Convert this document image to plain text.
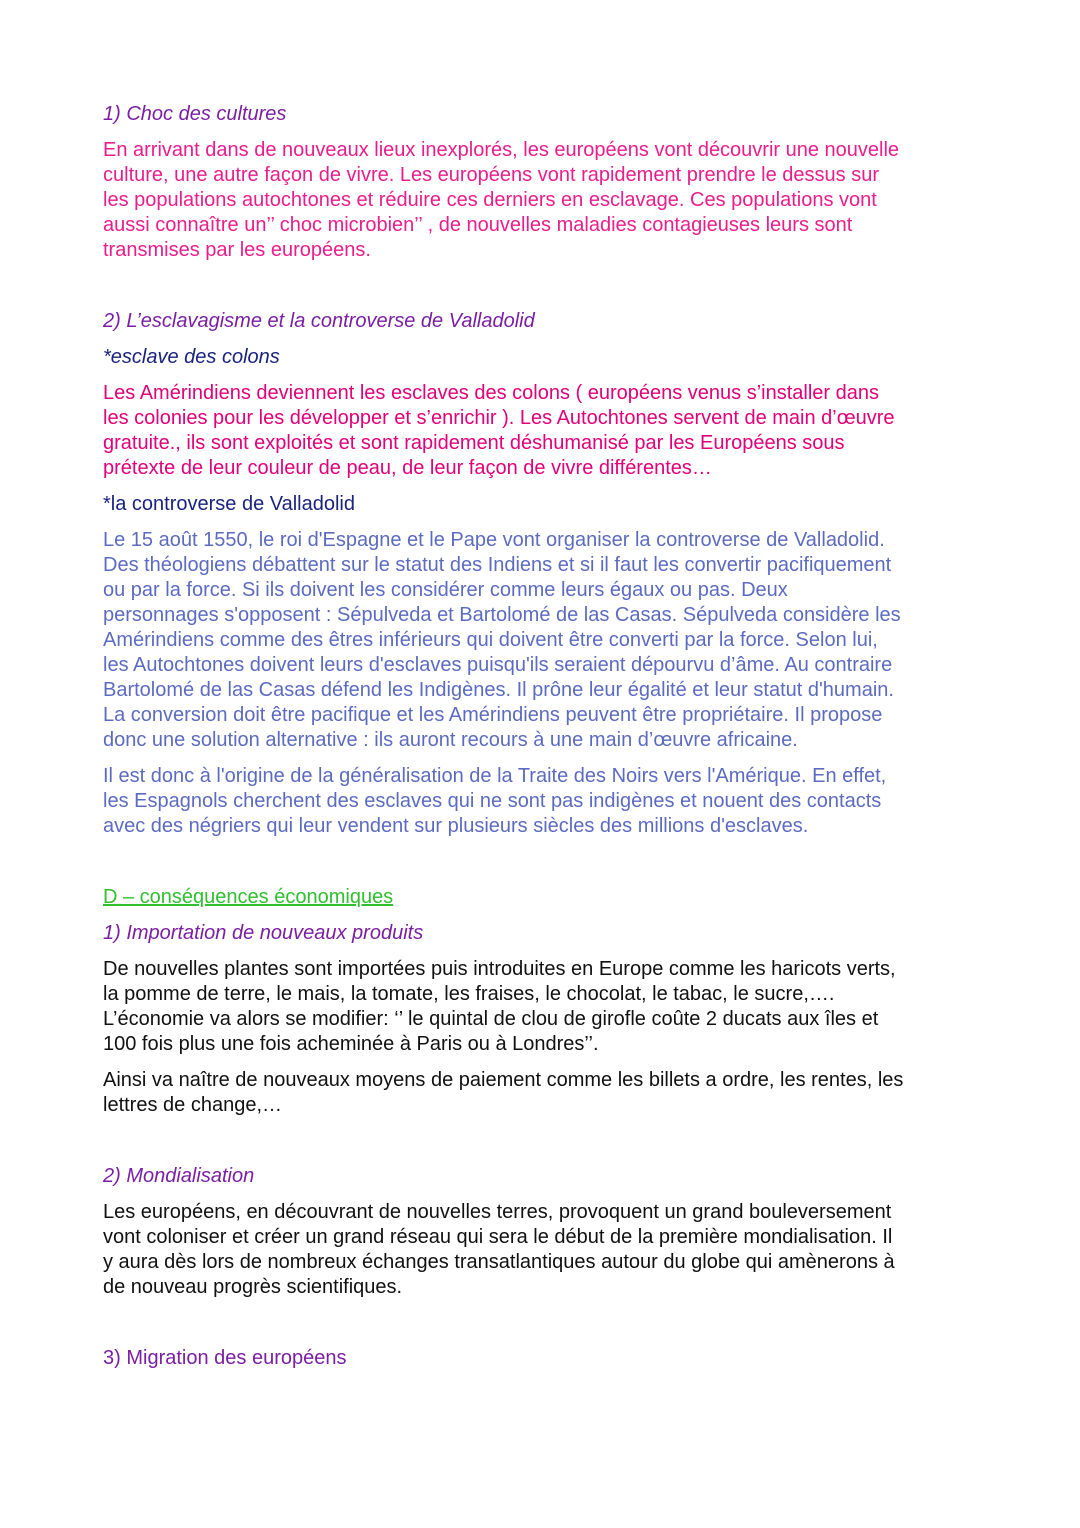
1) Choc des cultures

En arrivant dans de nouveaux lieux inexplorés, les européens vont découvrir une nouvelle
culture, une autre façon de vivre. Les européens vont rapidement prendre le dessus sur
les populations autochtones et réduire ces derniers en esclavage. Ces populations vont
aussi connaître un’’ choc microbien’’ , de nouvelles maladies contagieuses leurs sont
transmises par les européens.

2) L’esclavagisme et la controverse de Valladolid

*esclave des colons

Les Amérindiens deviennent les esclaves des colons ( européens venus s’installer dans
les colonies pour les développer et s’enrichir ). Les Autochtones servent de main d’œuvre
gratuite., ils sont exploités et sont rapidement déshumanisé par les Européens sous
prétexte de leur couleur de peau, de leur façon de vivre différentes…

*la controverse de Valladolid

Le 15 août 1550, le roi d'Espagne et le Pape vont organiser la controverse de Valladolid.
Des théologiens débattent sur le statut des Indiens et si il faut les convertir pacifiquement
ou par la force. Si ils doivent les considérer comme leurs égaux ou pas. Deux
personnages s'opposent : Sépulveda et Bartolomé de las Casas. Sépulveda considère les
Amérindiens comme des êtres inférieurs qui doivent être converti par la force. Selon lui,
les Autochtones doivent leurs d'esclaves puisqu'ils seraient dépourvu d’âme. Au contraire
Bartolomé de las Casas défend les Indigènes. Il prône leur égalité et leur statut d'humain.
La conversion doit être pacifique et les Amérindiens peuvent être propriétaire. Il propose
donc une solution alternative : ils auront recours à une main d’œuvre africaine.

Il est donc à l'origine de la généralisation de la Traite des Noirs vers l'Amérique. En effet,
les Espagnols cherchent des esclaves qui ne sont pas indigènes et nouent des contacts
avec des négriers qui leur vendent sur plusieurs siècles des millions d'esclaves.

D – conséquences économiques

1) Importation de nouveaux produits

De nouvelles plantes sont importées puis introduites en Europe comme les haricots verts,
la pomme de terre, le mais, la tomate, les fraises, le chocolat, le tabac, le sucre,….
L’économie va alors se modifier: ‘’ le quintal de clou de girofle coûte 2 ducats aux îles et
100 fois plus une fois acheminée à Paris ou à Londres’’.

Ainsi va naître de nouveaux moyens de paiement comme les billets a ordre, les rentes, les
lettres de change,…

2) Mondialisation

Les européens, en découvrant de nouvelles terres, provoquent un grand bouleversement
vont coloniser et créer un grand réseau qui sera le début de la première mondialisation. Il
y aura dès lors de nombreux échanges transatlantiques autour du globe qui amènerons à
de nouveau progrès scientifiques.

3) Migration des européens
